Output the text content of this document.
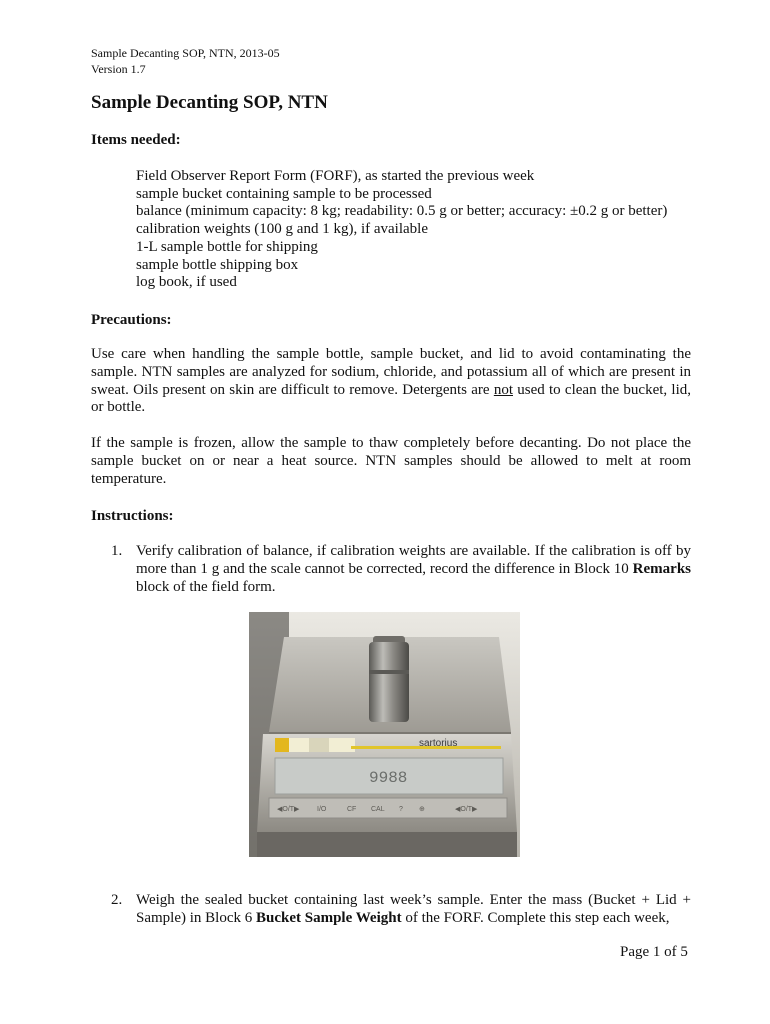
Sample Decanting SOP, NTN, 2013-05
Version 1.7
Sample Decanting SOP, NTN
Items needed:
Field Observer Report Form (FORF), as started the previous week
sample bucket containing sample to be processed
balance (minimum capacity: 8 kg; readability: 0.5 g or better; accuracy: ±0.2 g or better)
calibration weights (100 g and 1 kg), if available
1-L sample bottle for shipping
sample bottle shipping box
log book, if used
Precautions:

Use care when handling the sample bottle, sample bucket, and lid to avoid contaminating the sample. NTN samples are analyzed for sodium, chloride, and potassium all of which are present in sweat. Oils present on skin are difficult to remove. Detergents are not used to clean the bucket, lid, or bottle.

If the sample is frozen, allow the sample to thaw completely before decanting. Do not place the sample bucket on or near a heat source. NTN samples should be allowed to melt at room temperature.

Instructions:
1. Verify calibration of balance, if calibration weights are available. If the calibration is off by more than 1 g and the scale cannot be corrected, record the difference in Block 10 Remarks block of the field form.
sartorius
9988
◀O/T▶	I/O	CF CAL ? ⊕	◀O/T▶
2. Weigh the sealed bucket containing last week’s sample. Enter the mass (Bucket + Lid + Sample) in Block 6 Bucket Sample Weight of the FORF. Complete this step each week,
Page 1 of 5
